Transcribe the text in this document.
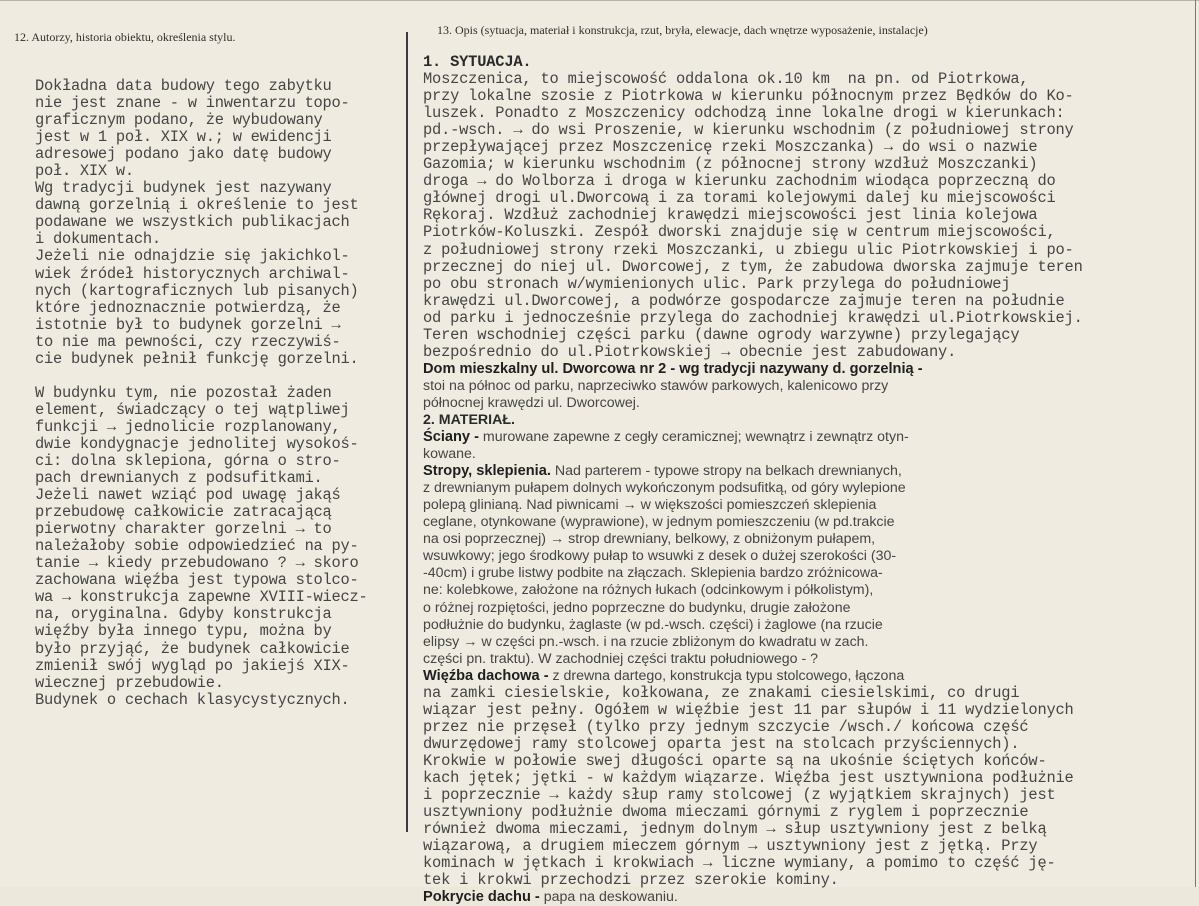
12. Autorzy, historia obiektu, określenia stylu.	13. Opis (sytuacja, materiał i konstrukcja, rzut, bryła, elewacje, dach wnętrze wyposażenie, instalacje)
Dokładna data budowy tego zabytku
nie jest znane - w inwentarzu topo-
graficznym podano, że wybudowany
jest w 1 poł. XIX w.; w ewidencji
adresowej podano jako datę budowy
poł. XIX w.
Wg tradycji budynek jest nazywany
dawną gorzelnią i określenie to jest
podawane we wszystkich publikacjach
i dokumentach.
Jeżeli nie odnajdzie się jakichkol-
wiek źródeł historycznych archiwal-
nych (kartograficznych lub pisanych)
które jednoznacznie potwierdzą, że
istotnie był to budynek gorzelni →
to nie ma pewności, czy rzeczywiś-
cie budynek pełnił funkcję gorzelni.
W budynku tym, nie pozostał żaden
element, świadczący o tej wątpliwej
funkcji → jednolicie rozplanowany,
dwie kondygnacje jednolitej wysokoś-
ci: dolna sklepiona, górna o stro-
pach drewnianych z podsufitkami.
Jeżeli nawet wziąć pod uwagę jakąś
przebudowę całkowicie zatracającą
pierwotny charakter gorzelni → to
należałoby sobie odpowiedzieć na py-
tanie → kiedy przebudowano ? → skoro
zachowana więźba jest typowa stolco-
wa → konstrukcja zapewne XVIII-wiecz-
na, oryginalna. Gdyby konstrukcja
więźby była innego typu, można by
było przyjąć, że budynek całkowicie
zmienił swój wygląd po jakiejś XIX-
wiecznej przebudowie.
Budynek o cechach klasycystycznych.
1. SYTUACJA.
Moszczenica, to miejscowość oddalona ok.10 km  na pn. od Piotrkowa,
przy lokalne szosie z Piotrkowa w kierunku północnym przez Będków do Ko-
luszek. Ponadto z Moszczenicy odchodzą inne lokalne drogi w kierunkach:
pd.-wsch. → do wsi Proszenie, w kierunku wschodnim (z południowej strony
przepływającej przez Moszczenicę rzeki Moszczanka) → do wsi o nazwie
Gazomia; w kierunku wschodnim (z północnej strony wzdłuż Moszczanki)
droga → do Wolborza i droga w kierunku zachodnim wiodąca poprzeczną do
głównej drogi ul.Dworcową i za torami kolejowymi dalej ku miejscowości
Rękoraj. Wzdłuż zachodniej krawędzi miejscowości jest linia kolejowa
Piotrków-Koluszki. Zespół dworski znajduje się w centrum miejscowości,
z południowej strony rzeki Moszczanki, u zbiegu ulic Piotrkowskiej i po-
przecznej do niej ul. Dworcowej, z tym, że zabudowa dworska zajmuje teren
po obu stronach w/wymienionych ulic. Park przylega do południowej
krawędzi ul.Dworcowej, a podwórze gospodarcze zajmuje teren na południe
od parku i jednocześnie przylega do zachodniej krawędzi ul.Piotrkowskiej.
Teren wschodniej części parku (dawne ogrody warzywne) przylegający
bezpośrednio do ul.Piotrkowskiej → obecnie jest zabudowany.
Dom mieszkalny ul. Dworcowa nr 2 - wg tradycji nazywany d. gorzelnią -
stoi na północ od parku, naprzeciwko stawów parkowych, kalenicowo przy
północnej krawędzi ul. Dworcowej.
2. MATERIAŁ.
Ściany - murowane zapewne z cegły ceramicznej; wewnątrz i zewnątrz otyn-
kowane.
Stropy, sklepienia. Nad parterem - typowe stropy na belkach drewnianych,
z drewnianym pułapem dolnych wykończonym podsufitką, od góry wylepione
polepą glinianą. Nad piwnicami → w większości pomieszczeń sklepienia
ceglane, otynkowane (wyprawione), w jednym pomieszczeniu (w pd.trakcie
na osi poprzecznej) → strop drewniany, belkowy, z obniżonym pułapem,
wsuwkowy; jego środkowy pułap to wsuwki z desek o dużej szerokości (30-
-40cm) i grube listwy podbite na złączach. Sklepienia bardzo zróżnicowa-
ne: kolebkowe, założone na różnych łukach (odcinkowym i półkolistym),
o różnej rozpiętości, jedno poprzeczne do budynku, drugie założone
podłużnie do budynku, żaglaste (w pd.-wsch. części) i żaglowe (na rzucie
elipsy → w części pn.-wsch. i na rzucie zbliżonym do kwadratu w zach.
części pn. traktu). W zachodniej części traktu południowego - ?
Więźba dachowa - z drewna dartego, konstrukcja typu stolcowego, łączona
na zamki ciesielskie, kołkowana, ze znakami ciesielskimi, co drugi
wiązar jest pełny. Ogółem w więźbie jest 11 par słupów i 11 wydzielonych
przez nie przęseł (tylko przy jednym szczycie /wsch./ końcowa część
dwurzędowej ramy stolcowej oparta jest na stolcach przyściennych).
Krokwie w połowie swej długości oparte są na ukośnie ściętych końców-
kach jętek; jętki - w każdym wiązarze. Więźba jest usztywniona podłużnie
i poprzecznie → każdy słup ramy stolcowej (z wyjątkiem skrajnych) jest
usztywniony podłużnie dwoma mieczami górnymi z ryglem i poprzecznie
również dwoma mieczami, jednym dolnym → słup usztywniony jest z belką
wiązarową, a drugiem mieczem górnym → usztywniony jest z jętką. Przy
kominach w jętkach i krokwiach → liczne wymiany, a pomimo to część ję-
tek i krokwi przechodzi przez szerokie kominy.
Pokrycie dachu - papa na deskowaniu.
